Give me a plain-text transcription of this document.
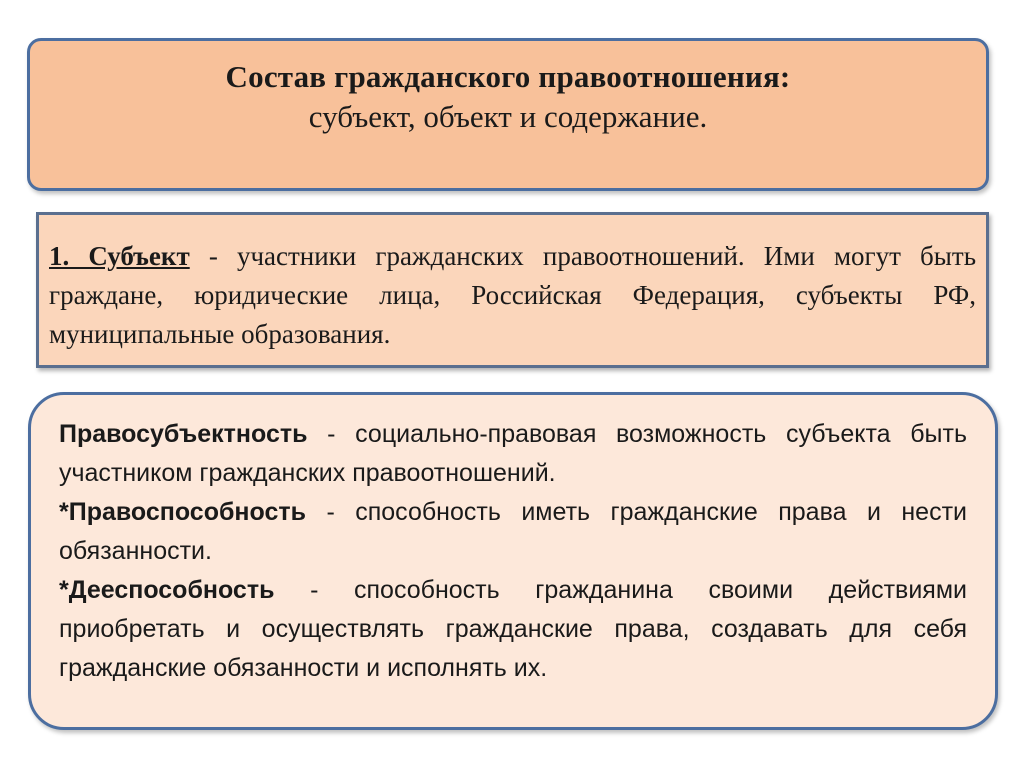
Состав гражданского правоотношения:
субъект, объект и содержание.
1. Субъект - участники гражданских правоотношений. Ими могут быть граждане, юридические лица, Российская Федерация, субъекты РФ, муниципальные образования.

Правосубъектность - социально-правовая возможность субъекта быть участником гражданских правоотношений.

*Правоспособность - способность иметь гражданские права и нести обязанности.

*Дееспособность - способность гражданина своими действиями приобретать и осуществлять гражданские права, создавать для себя гражданские обязанности и исполнять их.
